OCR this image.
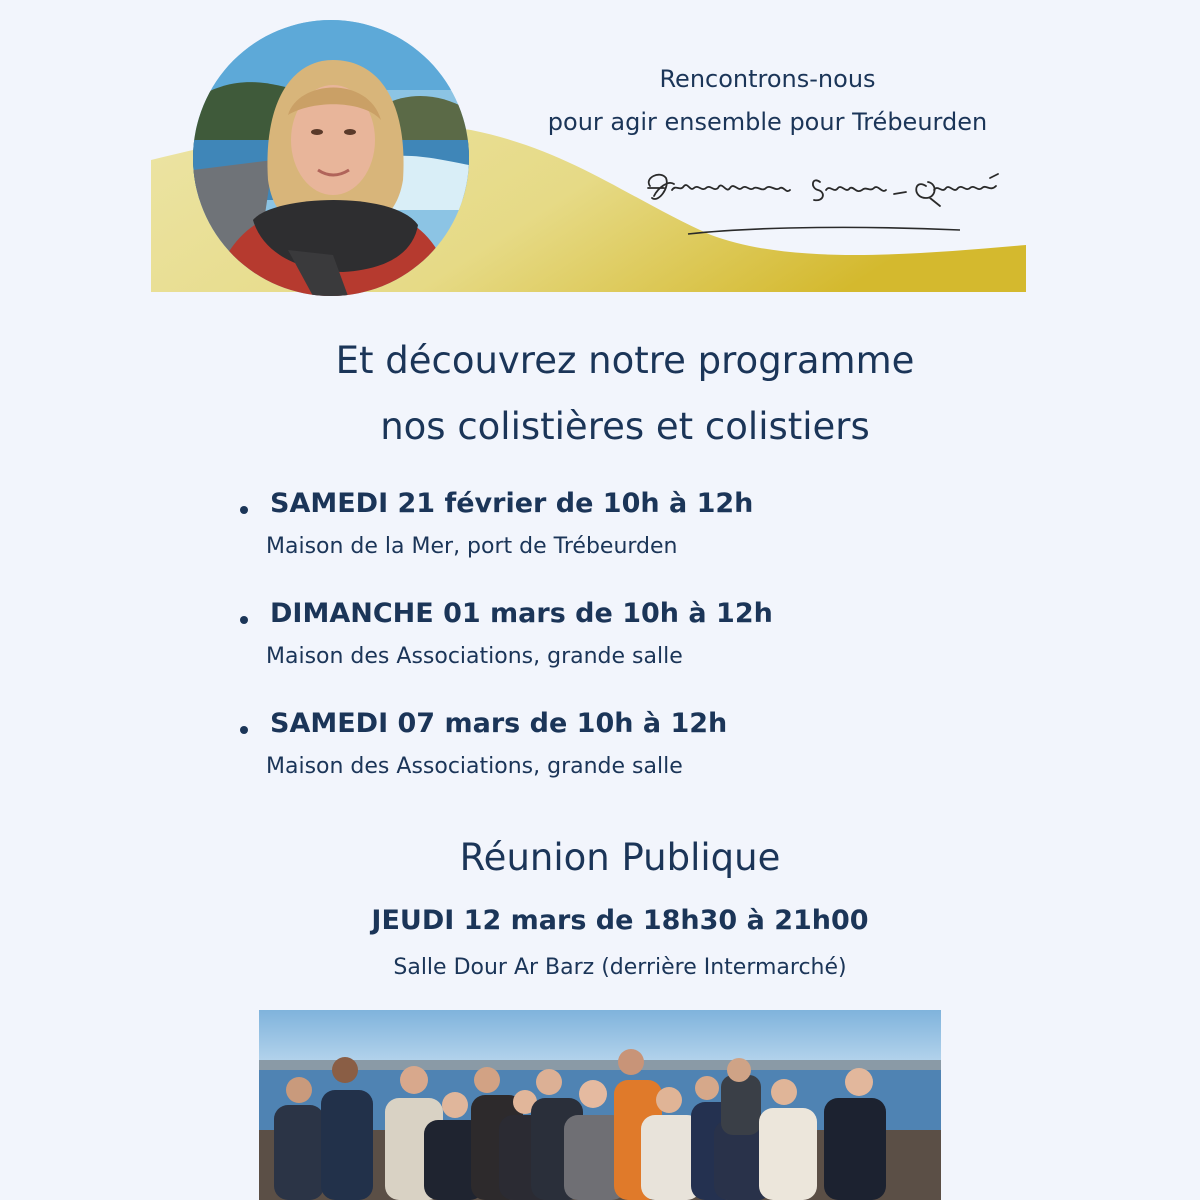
Rencontrons-nous
pour agir ensemble pour Trébeurden
Et découvrez notre programme
nos colistières et colistiers
SAMEDI 21 février de 10h à 12h
Maison de la Mer, port de Trébeurden
DIMANCHE 01 mars de 10h à 12h
Maison des Associations, grande salle
SAMEDI 07 mars de 10h à 12h
Maison des Associations, grande salle
Réunion Publique
JEUDI 12 mars de 18h30 à 21h00
Salle Dour Ar Barz (derrière Intermarché)
